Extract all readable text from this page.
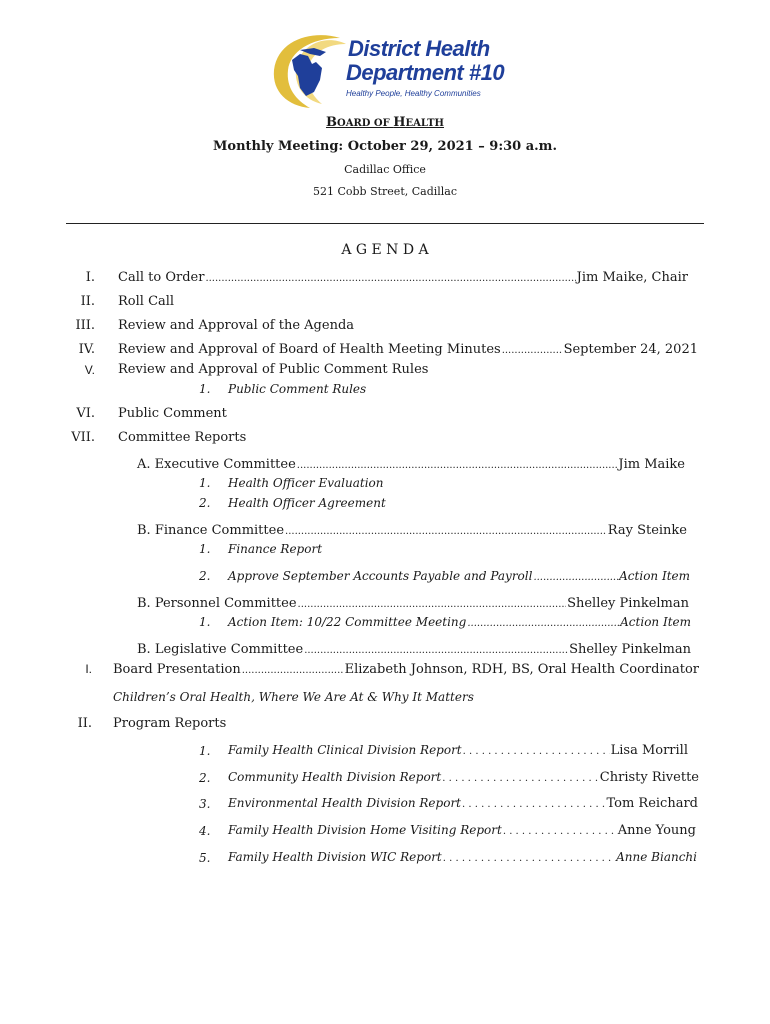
District Health
Department #10
Healthy People, Healthy Communities
BOARD OF HEALTH
Monthly Meeting: October 29, 2021 – 9:30 a.m.
Cadillac Office
521 Cobb Street, Cadillac
A G E N D A
I. Call to Order .....	Jim Maike, Chair
II. Roll Call
III. Review and Approval of the Agenda
IV. Review and Approval of Board of Health Meeting Minutes .....	September 24, 2021
V. Review and Approval of Public Comment Rules
1. Public Comment Rules
VI. Public Comment
VII. Committee Reports
A. Executive Committee .....	Jim Maike
1. Health Officer Evaluation
2. Health Officer Agreement
B. Finance Committee .....	Ray Steinke
1. Finance Report
2. Approve September Accounts Payable and Payroll .....	Action Item
B. Personnel Committee .....	Shelley Pinkelman
1. Action Item: 10/22 Committee Meeting .....	Action Item
B. Legislative Committee .....	Shelley Pinkelman
I. Board Presentation .....	Elizabeth Johnson, RDH, BS, Oral Health Coordinator
Children’s Oral Health, Where We Are At & Why It Matters
II. Program Reports
1. Family Health Clinical Division Report . . .	Lisa Morrill
2. Community Health Division Report . . .	Christy Rivette
3. Environmental Health Division Report . . .	Tom Reichard
4. Family Health Division Home Visiting Report . . .	Anne Young
5. Family Health Division WIC Report . . .	Anne Bianchi
